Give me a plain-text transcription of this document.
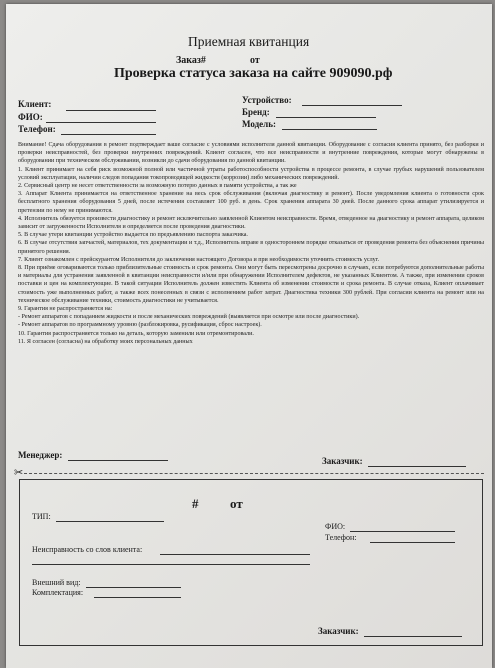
Приемная квитанция
Заказ#	от
Проверка статуса заказа на сайте 909090.рф
Клиент:
ФИО:
Телефон:
Устройство:
Бренд:
Модель:

Внимание! Сдача оборудования в ремонт подтверждает ваше согласие с условиями исполнителя данной квитанции. Оборудование с согласия клиента принято, без разборки и проверки неисправностей, без проверки внутренних повреждений. Клиент согласен, что все неисправности и внутренние повреждения, которые могут обнаружены в оборудовании при техническом обслуживании, возникли до сдачи оборудования по данной квитанции.

1. Клиент принимает на себя риск возможной полной или частичной утраты работоспособности устройства в процессе ремонта, в случае грубых нарушений пользователем условий эксплуатации, наличии следов попадания токопроводящей жидкости (коррозии) либо механических повреждений.

2. Сервисный центр не несет ответственности за возможную потерю данных в памяти устройства, а так же

3. Аппарат Клиента принимается на ответственное хранение на весь срок обслуживания (включая диагностику и ремонт). После уведомления клиента о готовности срок бесплатного хранения оборудования 5 дней, после истечения составляет 100 руб. в день. Срок хранения аппарата 30 дней. После данного срока аппарат утилизируется и претензии по нему не принимаются.

4. Исполнитель обязуется произвести диагностику и ремонт исключительно заявленной Клиентом неисправности. Время, отведенное на диагностику и ремонт аппарата, целиком зависит от загруженности Исполнителя и определяется после проведения диагностики.

5. В случае утери квитанции устройство выдается по предъявлению паспорта заказчика.

6. В случае отсутствия запчастей, материалов, тех документации и т.д., Исполнитель вправе в одностороннем порядке отказаться от проведения ремонта без объяснения причины принятого решения.

7. Клиент ознакомлен с прейскурантом Исполнителя до заключения настоящего Договора и при необходимости уточнить стоимость услуг.

8. При приёме оговариваются только приблизительные стоимость и срок ремонта. Они могут быть пересмотрены досрочно в случаях, если потребуются дополнительные работы и материалы для устранения заявленной в квитанции неисправности и/или при обнаружении Исполнителем дефектов, не указанных Клиентом. А также, при изменении сроков поставки и цен на комплектующие. В такой ситуации Исполнитель должен известить Клиента об изменении стоимости и срока ремонта. В случае отказа, Клиент оплачивает стоимость уже выполненных работ, а также всех понесенных в связи с исполнением работ затрат. Диагностика техники 300 рублей. При согласии клиента на ремонт или на техническое обслуживание техники, стоимость диагностики не учитывается.

9. Гарантия не распространяется на:

- Ремонт аппаратов с попаданием жидкости и после механических повреждений (выявляется при осмотре или после диагностики).

- Ремонт аппаратов по программному уровню (разблокировка, русификация, сброс настроек).

10. Гарантия распространяется только на деталь, которую заменили или отремонтировали.

11. Я согласен (согласна) на обработку моих персональных данных

Менеджер:
Заказчик:
✂
# от
ТИП:
ФИО:
Телефон:
Неисправность со слов клиента:
Внешний вид:
Комплектация:
Заказчик:
